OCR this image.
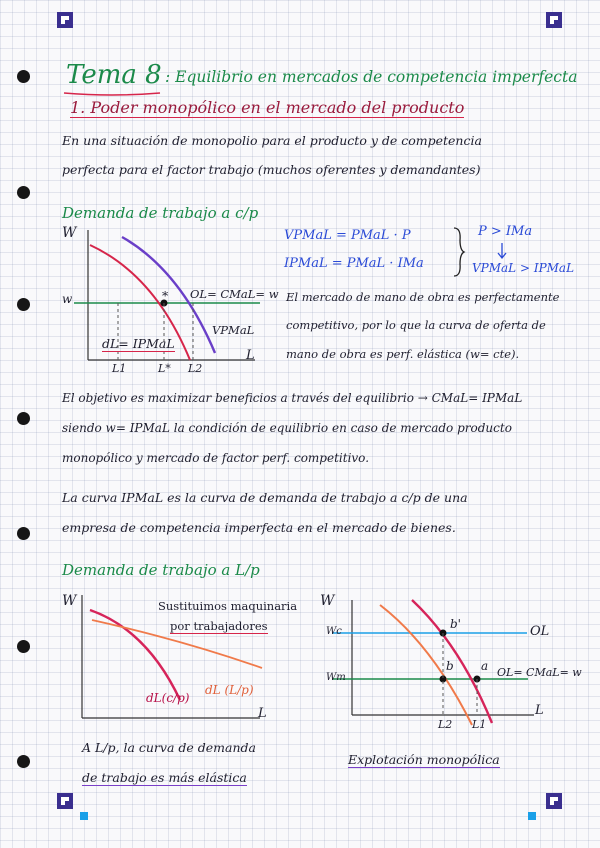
Tema 8 : Equilibrio en mercados de competencia imperfecta
1. Poder monopólico en el mercado del producto
En una situación de monopolio para el producto y de competencia
perfecta para el factor trabajo (muchos oferentes y demandantes)
Demanda de trabajo a c/p
W
w	* OL= CMaL= w
VPMaL
dL= IPMaL
L
L1	L* L2
VPMaL = PMaL · P
IPMaL = PMaL · IMa
P > IMa
VPMaL > IPMaL
El mercado de mano de obra es perfectamente
competitivo, por lo que la curva de oferta de
mano de obra es perf. elástica (w= cte).
El objetivo es maximizar beneficios a través del equilibrio → CMaL= IPMaL
siendo w= IPMaL la condición de equilibrio en caso de mercado producto
monopólico y mercado de factor perf. competitivo.
La curva IPMaL es la curva de demanda de trabajo a c/p de una
empresa de competencia imperfecta en el mercado de bienes.
Demanda de trabajo a L/p
W	Sustituimos maquinaria
por trabajadores
dL (L/p)
dL(c/p)
L
A L/p, la curva de demanda
de trabajo es más elástica
W
Wc
Wm
b'
b a
OL
OL= CMaL= w
L
L2 L1
Explotación monopólica
